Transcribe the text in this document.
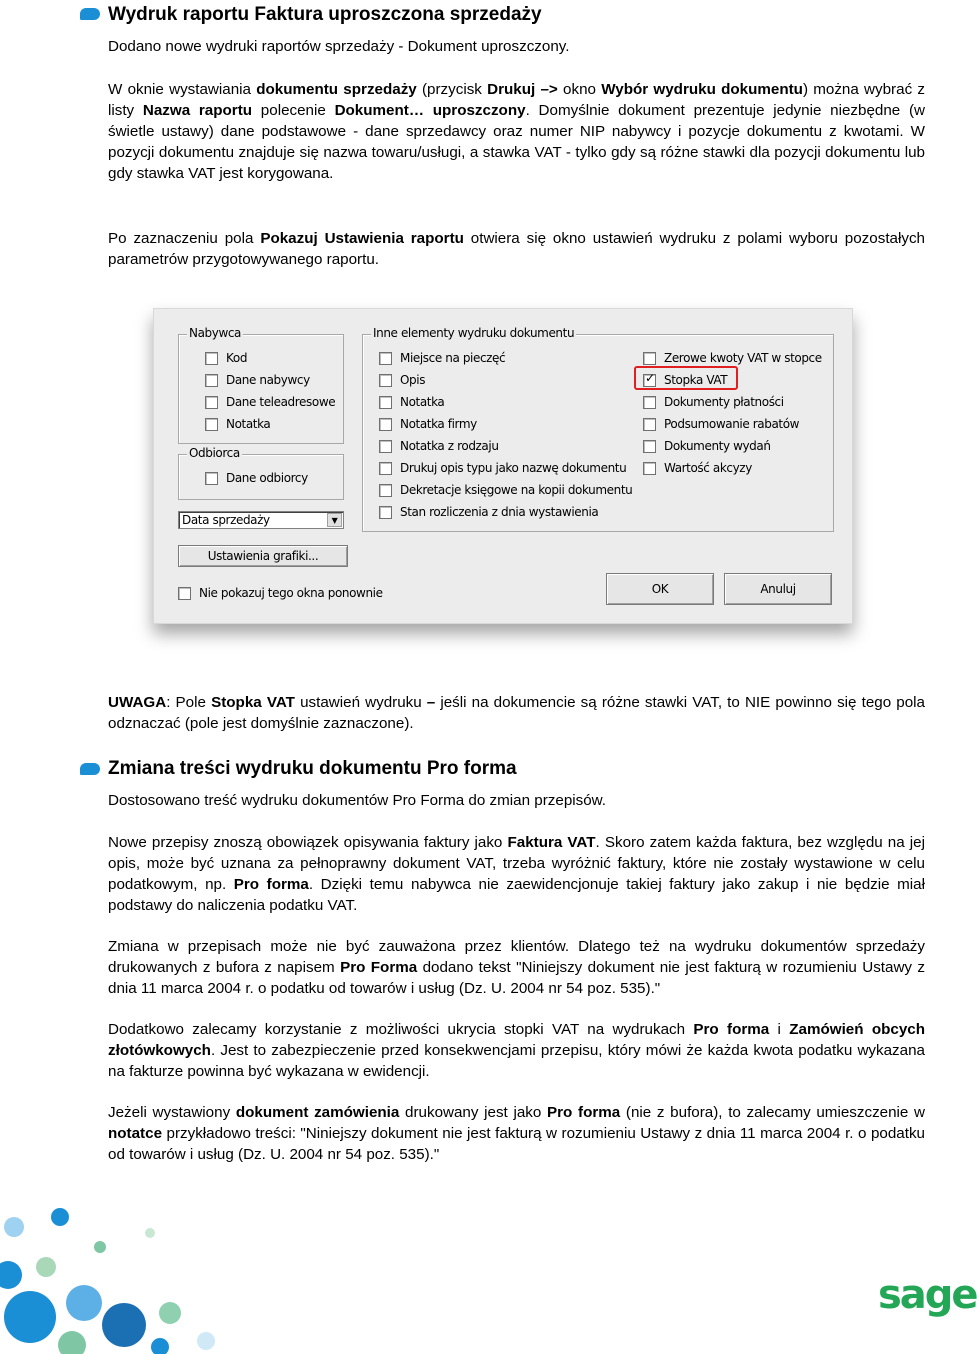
Wydruk raportu Faktura uproszczona sprzedaży

Dodano nowe wydruki raportów sprzedaży - Dokument uproszczony.

W oknie wystawiania dokumentu sprzedaży (przycisk Drukuj –> okno Wybór wydruku dokumentu) można wybrać z listy Nazwa raportu polecenie Dokument… uproszczony. Domyślnie dokument prezentuje jedynie niezbędne (w świetle ustawy) dane podstawowe - dane sprzedawcy oraz numer NIP nabywcy i pozycje dokumentu z kwotami. W pozycji dokumentu znajduje się nazwa towaru/usługi, a stawka VAT - tylko gdy są różne stawki dla pozycji dokumentu lub gdy stawka VAT jest korygowana.

Po zaznaczeniu pola Pokazuj Ustawienia raportu otwiera się okno ustawień wydruku z polami wyboru pozostałych parametrów przygotowywanego raportu.

Nabywca
Kod
Dane nabywcy
Dane teleadresowe
Notatka
Odbiorca
Dane odbiorcy
Data sprzedaży	▼
Ustawienia grafiki...
Nie pokazuj tego okna ponownie
Inne elementy wydruku dokumentu
Miejsce na pieczęć
Opis
Notatka
Notatka firmy
Notatka z rodzaju
Drukuj opis typu jako nazwę dokumentu
Dekretacje księgowe na kopii dokumentu
Stan rozliczenia z dnia wystawienia
Zerowe kwoty VAT w stopce
✓ Stopka VAT
Dokumenty płatności
Podsumowanie rabatów
Dokumenty wydań
Wartość akcyzy
OK	Anuluj

UWAGA: Pole Stopka VAT ustawień wydruku – jeśli na dokumencie są różne stawki VAT, to NIE powinno się tego pola odznaczać (pole jest domyślnie zaznaczone).

Zmiana treści wydruku dokumentu Pro forma

Dostosowano treść wydruku dokumentów Pro Forma do zmian przepisów.

Nowe przepisy znoszą obowiązek opisywania faktury jako Faktura VAT. Skoro zatem każda faktura, bez względu na jej opis, może być uznana za pełnoprawny dokument VAT, trzeba wyróżnić faktury, które nie zostały wystawione w celu podatkowym, np. Pro forma. Dzięki temu nabywca nie zaewidencjonuje takiej faktury jako zakup i nie będzie miał podstawy do naliczenia podatku VAT.

Zmiana w przepisach może nie być zauważona przez klientów. Dlatego też na wydruku dokumentów sprzedaży drukowanych z bufora z napisem Pro Forma dodano tekst "Niniejszy dokument nie jest fakturą w rozumieniu Ustawy z dnia 11 marca 2004 r. o podatku od towarów i usług (Dz. U. 2004 nr 54 poz. 535)."

Dodatkowo zalecamy korzystanie z możliwości ukrycia stopki VAT na wydrukach Pro forma i Zamówień obcych złotówkowych. Jest to zabezpieczenie przed konsekwencjami przepisu, który mówi że każda kwota podatku wykazana na fakturze powinna być wykazana w ewidencji.

Jeżeli wystawiony dokument zamówienia drukowany jest jako Pro forma (nie z bufora), to zalecamy umieszczenie w notatce przykładowo treści: "Niniejszy dokument nie jest fakturą w rozumieniu Ustawy z dnia 11 marca 2004 r. o podatku od towarów i usług (Dz. U. 2004 nr 54 poz. 535)."

sage
